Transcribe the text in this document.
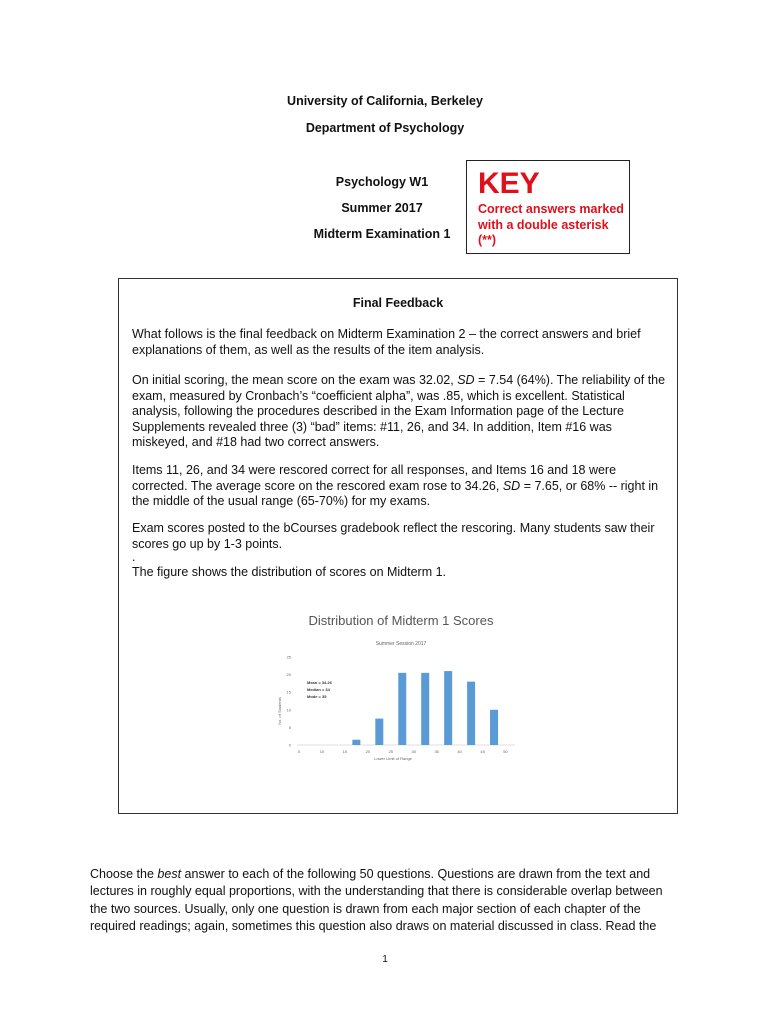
University of California, Berkeley
Department of Psychology
Psychology W1
Summer 2017
Midterm Examination 1
KEY
Correct answers marked with a double asterisk (**)
Final Feedback
What follows is the final feedback on Midterm Examination 2 – the correct answers and brief explanations of them, as well as the results of the item analysis.
On initial scoring, the mean score on the exam was 32.02, SD = 7.54 (64%). The reliability of the exam, measured by Cronbach’s “coefficient alpha”, was .85, which is excellent. Statistical analysis, following the procedures described in the Exam Information page of the Lecture Supplements revealed three (3) “bad” items: #11, 26, and 34. In addition, Item #16 was miskeyed, and #18 had two correct answers.
Items 11, 26, and 34 were rescored correct for all responses, and Items 16 and 18 were corrected. The average score on the rescored exam rose to 34.26, SD = 7.65, or 68% -- right in the middle of the usual range (65-70%) for my exams.
Exam scores posted to the bCourses gradebook reflect the rescoring. Many students saw their scores go up by 1-3 points.
.
The figure shows the distribution of scores on Midterm 1.
Distribution of Midterm 1 Scores
Summer Session 2017
0
5
10
15
20
25
0	10	15	20	25	30	35	40	45	50
No. of Students
Lower Limit of Range
Mean = 34.26
Median = 34
Mode = 35
Choose the best answer to each of the following 50 questions. Questions are drawn from the text and lectures in roughly equal proportions, with the understanding that there is considerable overlap between the two sources. Usually, only one question is drawn from each major section of each chapter of the required readings; again, sometimes this question also draws on material discussed in class. Read the
1
